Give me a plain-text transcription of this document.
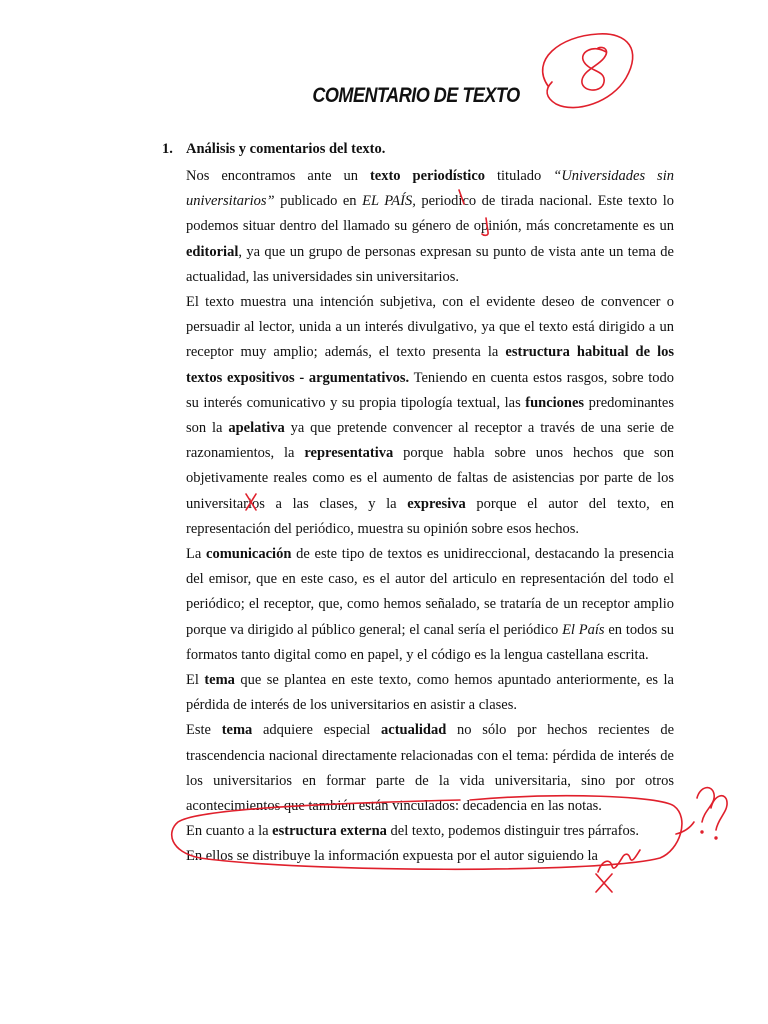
COMENTARIO DE TEXTO
1. Análisis y comentarios del texto.

Nos encontramos ante un texto periodístico titulado “Universidades sin universitarios” publicado en EL PAÍS, periodico de tirada nacional. Este texto lo podemos situar dentro del llamado su género de opinión, más concretamente es un editorial, ya que un grupo de personas expresan su punto de vista ante un tema de actualidad, las universidades sin universitarios.

El texto muestra una intención subjetiva, con el evidente deseo de convencer o persuadir al lector, unida a un interés divulgativo, ya que el texto está dirigido a un receptor muy amplio; además, el texto presenta la estructura habitual de los textos expositivos - argumentativos. Teniendo en cuenta estos rasgos, sobre todo su interés comunicativo y su propia tipología textual, las funciones predominantes son la apelativa ya que pretende convencer al receptor a través de una serie de razonamientos, la representativa porque habla sobre unos hechos que son objetivamente reales como es el aumento de faltas de asistencias por parte de los universitarios a las clases, y la expresiva porque el autor del texto, en representación del periódico, muestra su opinión sobre esos hechos.

La comunicación de este tipo de textos es unidireccional, destacando la presencia del emisor, que en este caso, es el autor del articulo en representación del todo el periódico; el receptor, que, como hemos señalado, se trataría de un receptor amplio porque va dirigido al público general; el canal sería el periódico El País en todos su formatos tanto digital como en papel, y el código es la lengua castellana escrita.

El tema que se plantea en este texto, como hemos apuntado anteriormente, es la pérdida de interés de los universitarios en asistir a clases.

Este tema adquiere especial actualidad no sólo por hechos recientes de trascendencia nacional directamente relacionadas con el tema: pérdida de interés de los universitarios en formar parte de la vida universitaria, sino por otros acontecimientos que también están vinculados: decadencia en las notas.

En cuanto a la estructura externa del texto, podemos distinguir tres párrafos.

En ellos se distribuye la información expuesta por el autor siguiendo la
